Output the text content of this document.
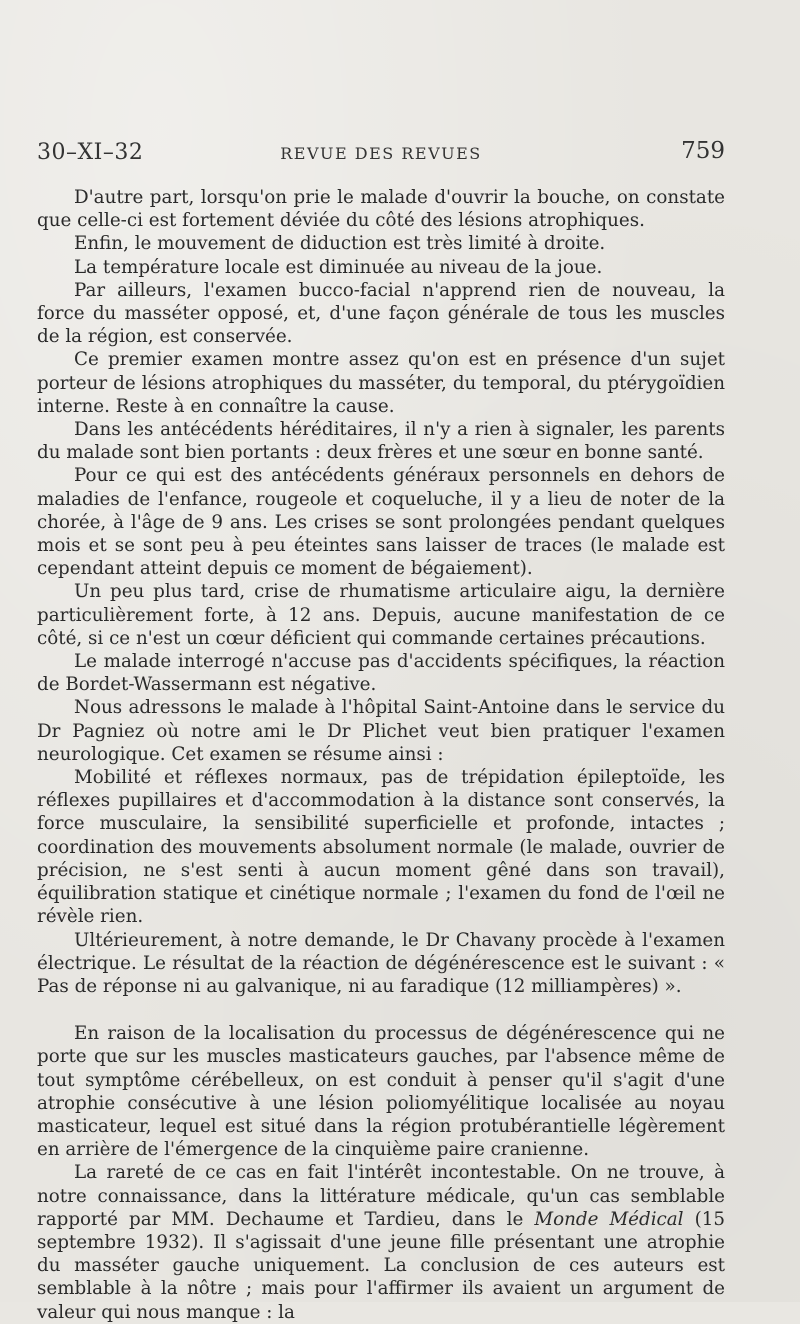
30–XI–32	REVUE DES REVUES	759

D'autre part, lorsqu'on prie le malade d'ouvrir la bouche, on constate que celle-ci est fortement déviée du côté des lésions atrophiques.

Enfin, le mouvement de diduction est très limité à droite.

La température locale est diminuée au niveau de la joue.

Par ailleurs, l'examen bucco-facial n'apprend rien de nouveau, la force du masséter opposé, et, d'une façon générale de tous les muscles de la région, est conservée.

Ce premier examen montre assez qu'on est en présence d'un sujet porteur de lésions atrophiques du masséter, du temporal, du ptérygoïdien interne. Reste à en connaître la cause.

Dans les antécédents héréditaires, il n'y a rien à signaler, les parents du malade sont bien portants : deux frères et une sœur en bonne santé.

Pour ce qui est des antécédents généraux personnels en dehors de maladies de l'enfance, rougeole et coqueluche, il y a lieu de noter de la chorée, à l'âge de 9 ans. Les crises se sont prolongées pendant quelques mois et se sont peu à peu éteintes sans laisser de traces (le malade est cependant atteint depuis ce moment de bégaiement).

Un peu plus tard, crise de rhumatisme articulaire aigu, la dernière particulièrement forte, à 12 ans. Depuis, aucune manifestation de ce côté, si ce n'est un cœur déficient qui commande certaines précautions.

Le malade interrogé n'accuse pas d'accidents spécifiques, la réaction de Bordet-Wassermann est négative.

Nous adressons le malade à l'hôpital Saint-Antoine dans le service du Dr Pagniez où notre ami le Dr Plichet veut bien pratiquer l'examen neurologique. Cet examen se résume ainsi :

Mobilité et réflexes normaux, pas de trépidation épileptoïde, les réflexes pupillaires et d'accommodation à la distance sont conservés, la force musculaire, la sensibilité superficielle et profonde, intactes ; coordination des mouvements absolument normale (le malade, ouvrier de précision, ne s'est senti à aucun moment gêné dans son travail), équilibration statique et cinétique normale ; l'examen du fond de l'œil ne révèle rien.

Ultérieurement, à notre demande, le Dr Chavany procède à l'examen électrique. Le résultat de la réaction de dégénérescence est le suivant : « Pas de réponse ni au galvanique, ni au faradique (12 milliampères) ».

En raison de la localisation du processus de dégénérescence qui ne porte que sur les muscles masticateurs gauches, par l'absence même de tout symptôme cérébelleux, on est conduit à penser qu'il s'agit d'une atrophie consécutive à une lésion poliomyélitique localisée au noyau masticateur, lequel est situé dans la région protubérantielle légèrement en arrière de l'émergence de la cinquième paire cranienne.

La rareté de ce cas en fait l'intérêt incontestable. On ne trouve, à notre connaissance, dans la littérature médicale, qu'un cas semblable rapporté par MM. Dechaume et Tardieu, dans le Monde Médical (15 septembre 1932). Il s'agissait d'une jeune fille présentant une atrophie du masséter gauche uniquement. La conclusion de ces auteurs est semblable à la nôtre ; mais pour l'affirmer ils avaient un argument de valeur qui nous manque : la
